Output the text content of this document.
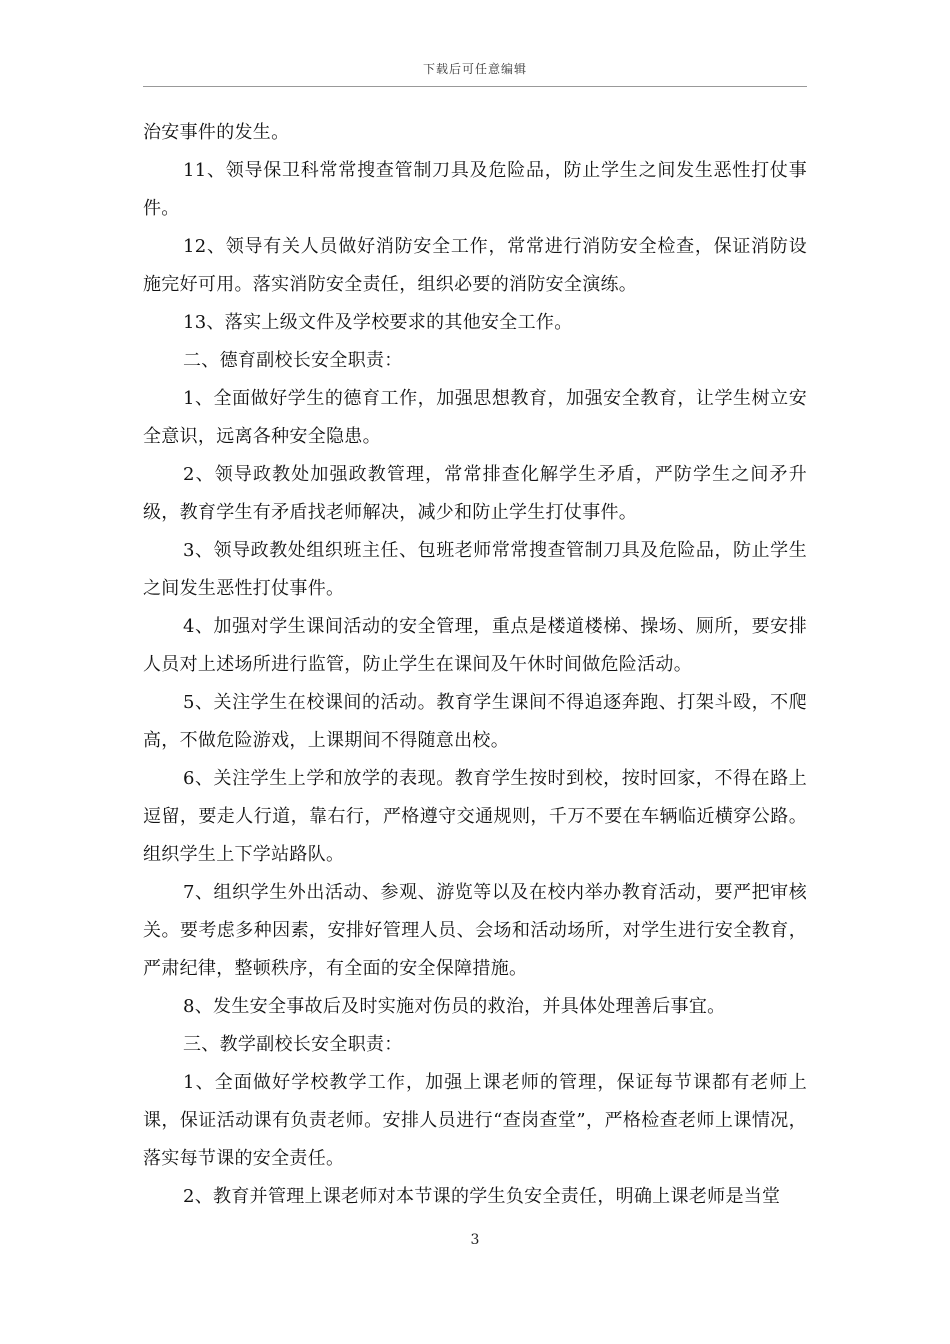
下载后可任意编辑

治安事件的发生。

11、领导保卫科常常搜查管制刀具及危险品，防止学生之间发生恶性打仗事件。

12、领导有关人员做好消防安全工作，常常进行消防安全检查，保证消防设施完好可用。落实消防安全责任，组织必要的消防安全演练。

13、落实上级文件及学校要求的其他安全工作。

二、德育副校长安全职责：

1、全面做好学生的德育工作，加强思想教育，加强安全教育，让学生树立安全意识，远离各种安全隐患。

2、领导政教处加强政教管理，常常排查化解学生矛盾，严防学生之间矛升级，教育学生有矛盾找老师解决，减少和防止学生打仗事件。

3、领导政教处组织班主任、包班老师常常搜查管制刀具及危险品，防止学生之间发生恶性打仗事件。

4、加强对学生课间活动的安全管理，重点是楼道楼梯、操场、厕所，要安排人员对上述场所进行监管，防止学生在课间及午休时间做危险活动。

5、关注学生在校课间的活动。教育学生课间不得追逐奔跑、打架斗殴，不爬高，不做危险游戏，上课期间不得随意出校。

6、关注学生上学和放学的表现。教育学生按时到校，按时回家，不得在路上逗留，要走人行道，靠右行，严格遵守交通规则，千万不要在车辆临近横穿公路。组织学生上下学站路队。

7、组织学生外出活动、参观、游览等以及在校内举办教育活动，要严把审核关。要考虑多种因素，安排好管理人员、会场和活动场所，对学生进行安全教育，严肃纪律，整顿秩序，有全面的安全保障措施。

8、发生安全事故后及时实施对伤员的救治，并具体处理善后事宜。

三、教学副校长安全职责：

1、全面做好学校教学工作，加强上课老师的管理，保证每节课都有老师上课，保证活动课有负责老师。安排人员进行“查岗查堂”，严格检查老师上课情况，落实每节课的安全责任。

2、教育并管理上课老师对本节课的学生负安全责任，明确上课老师是当堂

3
